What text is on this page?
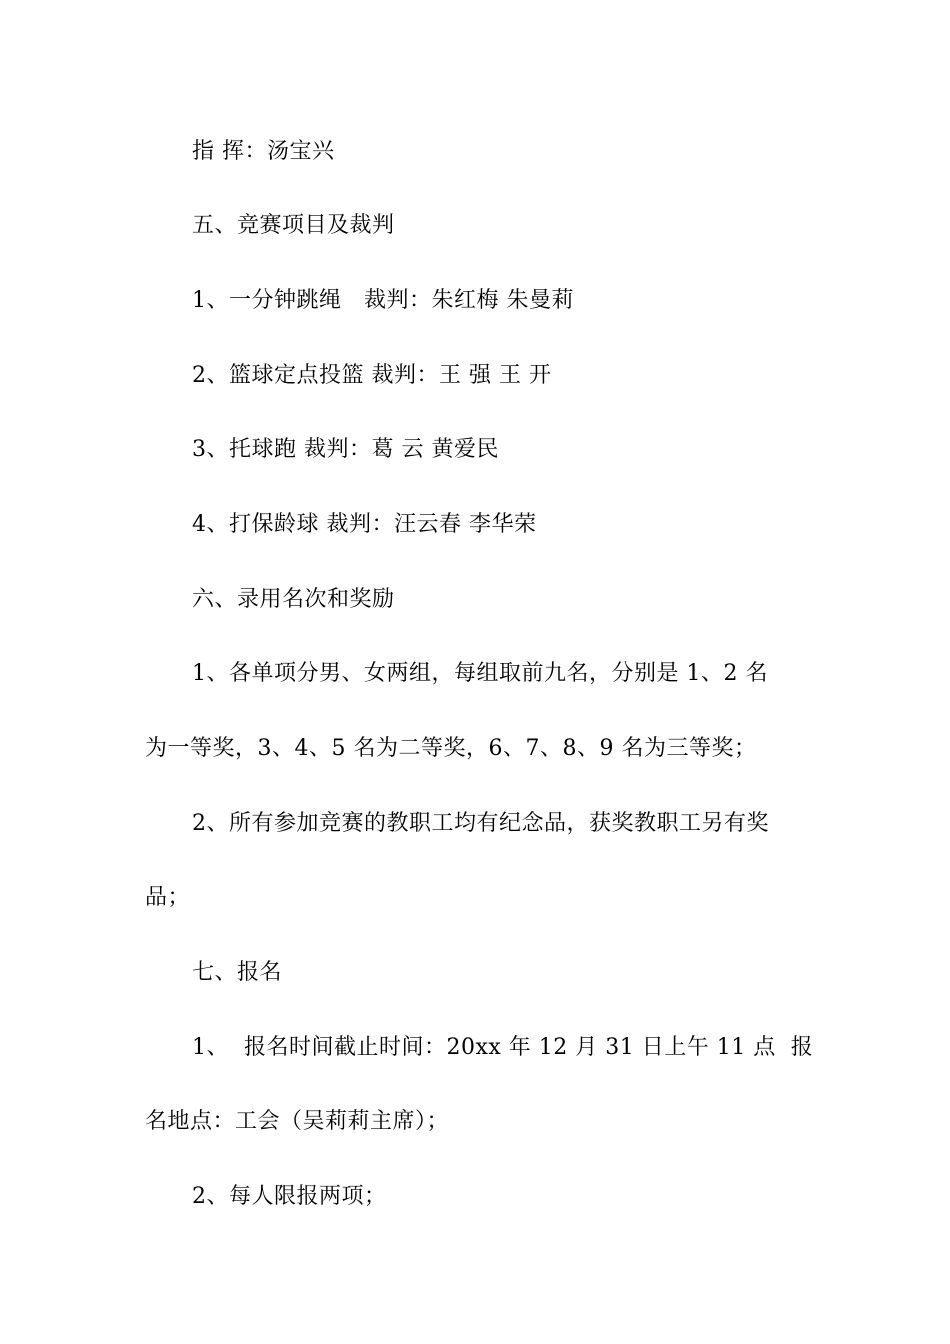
指 挥：汤宝兴
五、竞赛项目及裁判
1、一分钟跳绳   裁判：朱红梅 朱曼莉
2、篮球定点投篮 裁判：王 强 王 开
3、托球跑 裁判：葛 云 黄爱民
4、打保龄球 裁判：汪云春 李华荣
六、录用名次和奖励
1、各单项分男、女两组，每组取前九名，分别是 1、2 名
为一等奖，3、4、5 名为二等奖，6、7、8、9 名为三等奖；
2、所有参加竞赛的教职工均有纪念品，获奖教职工另有奖
品；
七、报名
1、  报名时间截止时间：20xx 年 12 月 31 日上午 11 点  报
名地点：工会（吴莉莉主席）；
2、每人限报两项；
